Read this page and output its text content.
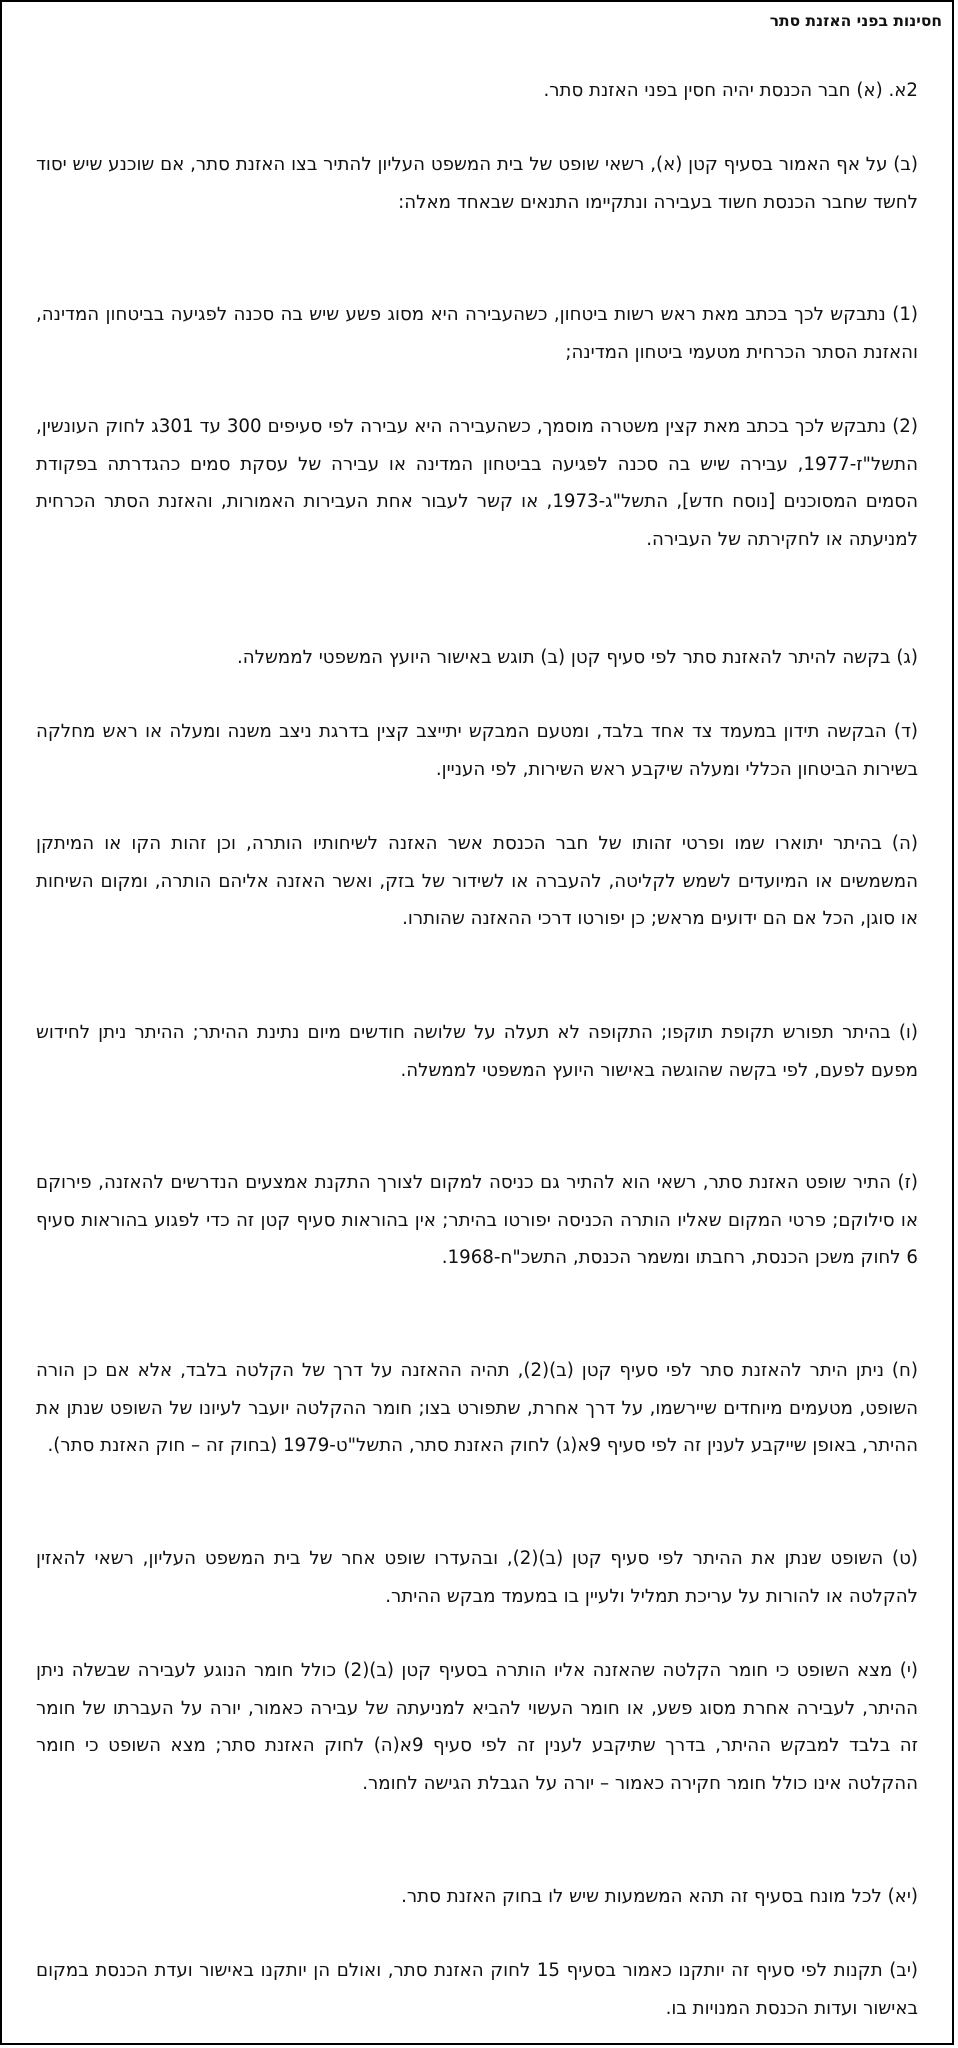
חסינות בפני האזנת סתר

2א. (א) חבר הכנסת יהיה חסין בפני האזנת סתר.

(ב) על אף האמור בסעיף קטן (א), רשאי שופט של בית המשפט העליון להתיר בצו האזנת סתר, אם שוכנע שיש יסוד לחשד שחבר הכנסת חשוד בעבירה ונתקיימו התנאים שבאחד מאלה:

(1) נתבקש לכך בכתב מאת ראש רשות ביטחון, כשהעבירה היא מסוג פשע שיש בה סכנה לפגיעה בביטחון המדינה, והאזנת הסתר הכרחית מטעמי ביטחון המדינה;

(2) נתבקש לכך בכתב מאת קצין משטרה מוסמך, כשהעבירה היא עבירה לפי סעיפים 300 עד 301ג לחוק העונשין, התשל"ז-1977, עבירה שיש בה סכנה לפגיעה בביטחון המדינה או עבירה של עסקת סמים כהגדרתה בפקודת הסמים המסוכנים [נוסח חדש], התשל"ג-1973, או קשר לעבור אחת העבירות האמורות, והאזנת הסתר הכרחית למניעתה או לחקירתה של העבירה.

(ג) בקשה להיתר להאזנת סתר לפי סעיף קטן (ב) תוגש באישור היועץ המשפטי לממשלה.

(ד) הבקשה תידון במעמד צד אחד בלבד, ומטעם המבקש יתייצב קצין בדרגת ניצב משנה ומעלה או ראש מחלקה בשירות הביטחון הכללי ומעלה שיקבע ראש השירות, לפי העניין.

(ה) בהיתר יתוארו שמו ופרטי זהותו של חבר הכנסת אשר האזנה לשיחותיו הותרה, וכן זהות הקו או המיתקן המשמשים או המיועדים לשמש לקליטה, להעברה או לשידור של בזק, ואשר האזנה אליהם הותרה, ומקום השיחות או סוגן, הכל אם הם ידועים מראש; כן יפורטו דרכי ההאזנה שהותרו.

(ו) בהיתר תפורש תקופת תוקפו; התקופה לא תעלה על שלושה חודשים מיום נתינת ההיתר; ההיתר ניתן לחידוש מפעם לפעם, לפי בקשה שהוגשה באישור היועץ המשפטי לממשלה.

(ז) התיר שופט האזנת סתר, רשאי הוא להתיר גם כניסה למקום לצורך התקנת אמצעים הנדרשים להאזנה, פירוקם או סילוקם; פרטי המקום שאליו הותרה הכניסה יפורטו בהיתר; אין בהוראות סעיף קטן זה כדי לפגוע בהוראות סעיף 6 לחוק משכן הכנסת, רחבתו ומשמר הכנסת, התשכ"ח-1968.

(ח) ניתן היתר להאזנת סתר לפי סעיף קטן (ב)(2), תהיה ההאזנה על דרך של הקלטה בלבד, אלא אם כן הורה השופט, מטעמים מיוחדים שיירשמו, על דרך אחרת, שתפורט בצו; חומר ההקלטה יועבר לעיונו של השופט שנתן את ההיתר, באופן שייקבע לענין זה לפי סעיף 9א(ג) לחוק האזנת סתר, התשל"ט-1979 (בחוק זה – חוק האזנת סתר).

(ט) השופט שנתן את ההיתר לפי סעיף קטן (ב)(2), ובהעדרו שופט אחר של בית המשפט העליון, רשאי להאזין להקלטה או להורות על עריכת תמליל ולעיין בו במעמד מבקש ההיתר.

(י) מצא השופט כי חומר הקלטה שהאזנה אליו הותרה בסעיף קטן (ב)(2) כולל חומר הנוגע לעבירה שבשלה ניתן ההיתר, לעבירה אחרת מסוג פשע, או חומר העשוי להביא למניעתה של עבירה כאמור, יורה על העברתו של חומר זה בלבד למבקש ההיתר, בדרך שתיקבע לענין זה לפי סעיף 9א(ה) לחוק האזנת סתר; מצא השופט כי חומר ההקלטה אינו כולל חומר חקירה כאמור – יורה על הגבלת הגישה לחומר.

(יא) לכל מונח בסעיף זה תהא המשמעות שיש לו בחוק האזנת סתר.

(יב) תקנות לפי סעיף זה יותקנו כאמור בסעיף 15 לחוק האזנת סתר, ואולם הן יותקנו באישור ועדת הכנסת במקום באישור ועדות הכנסת המנויות בו.
